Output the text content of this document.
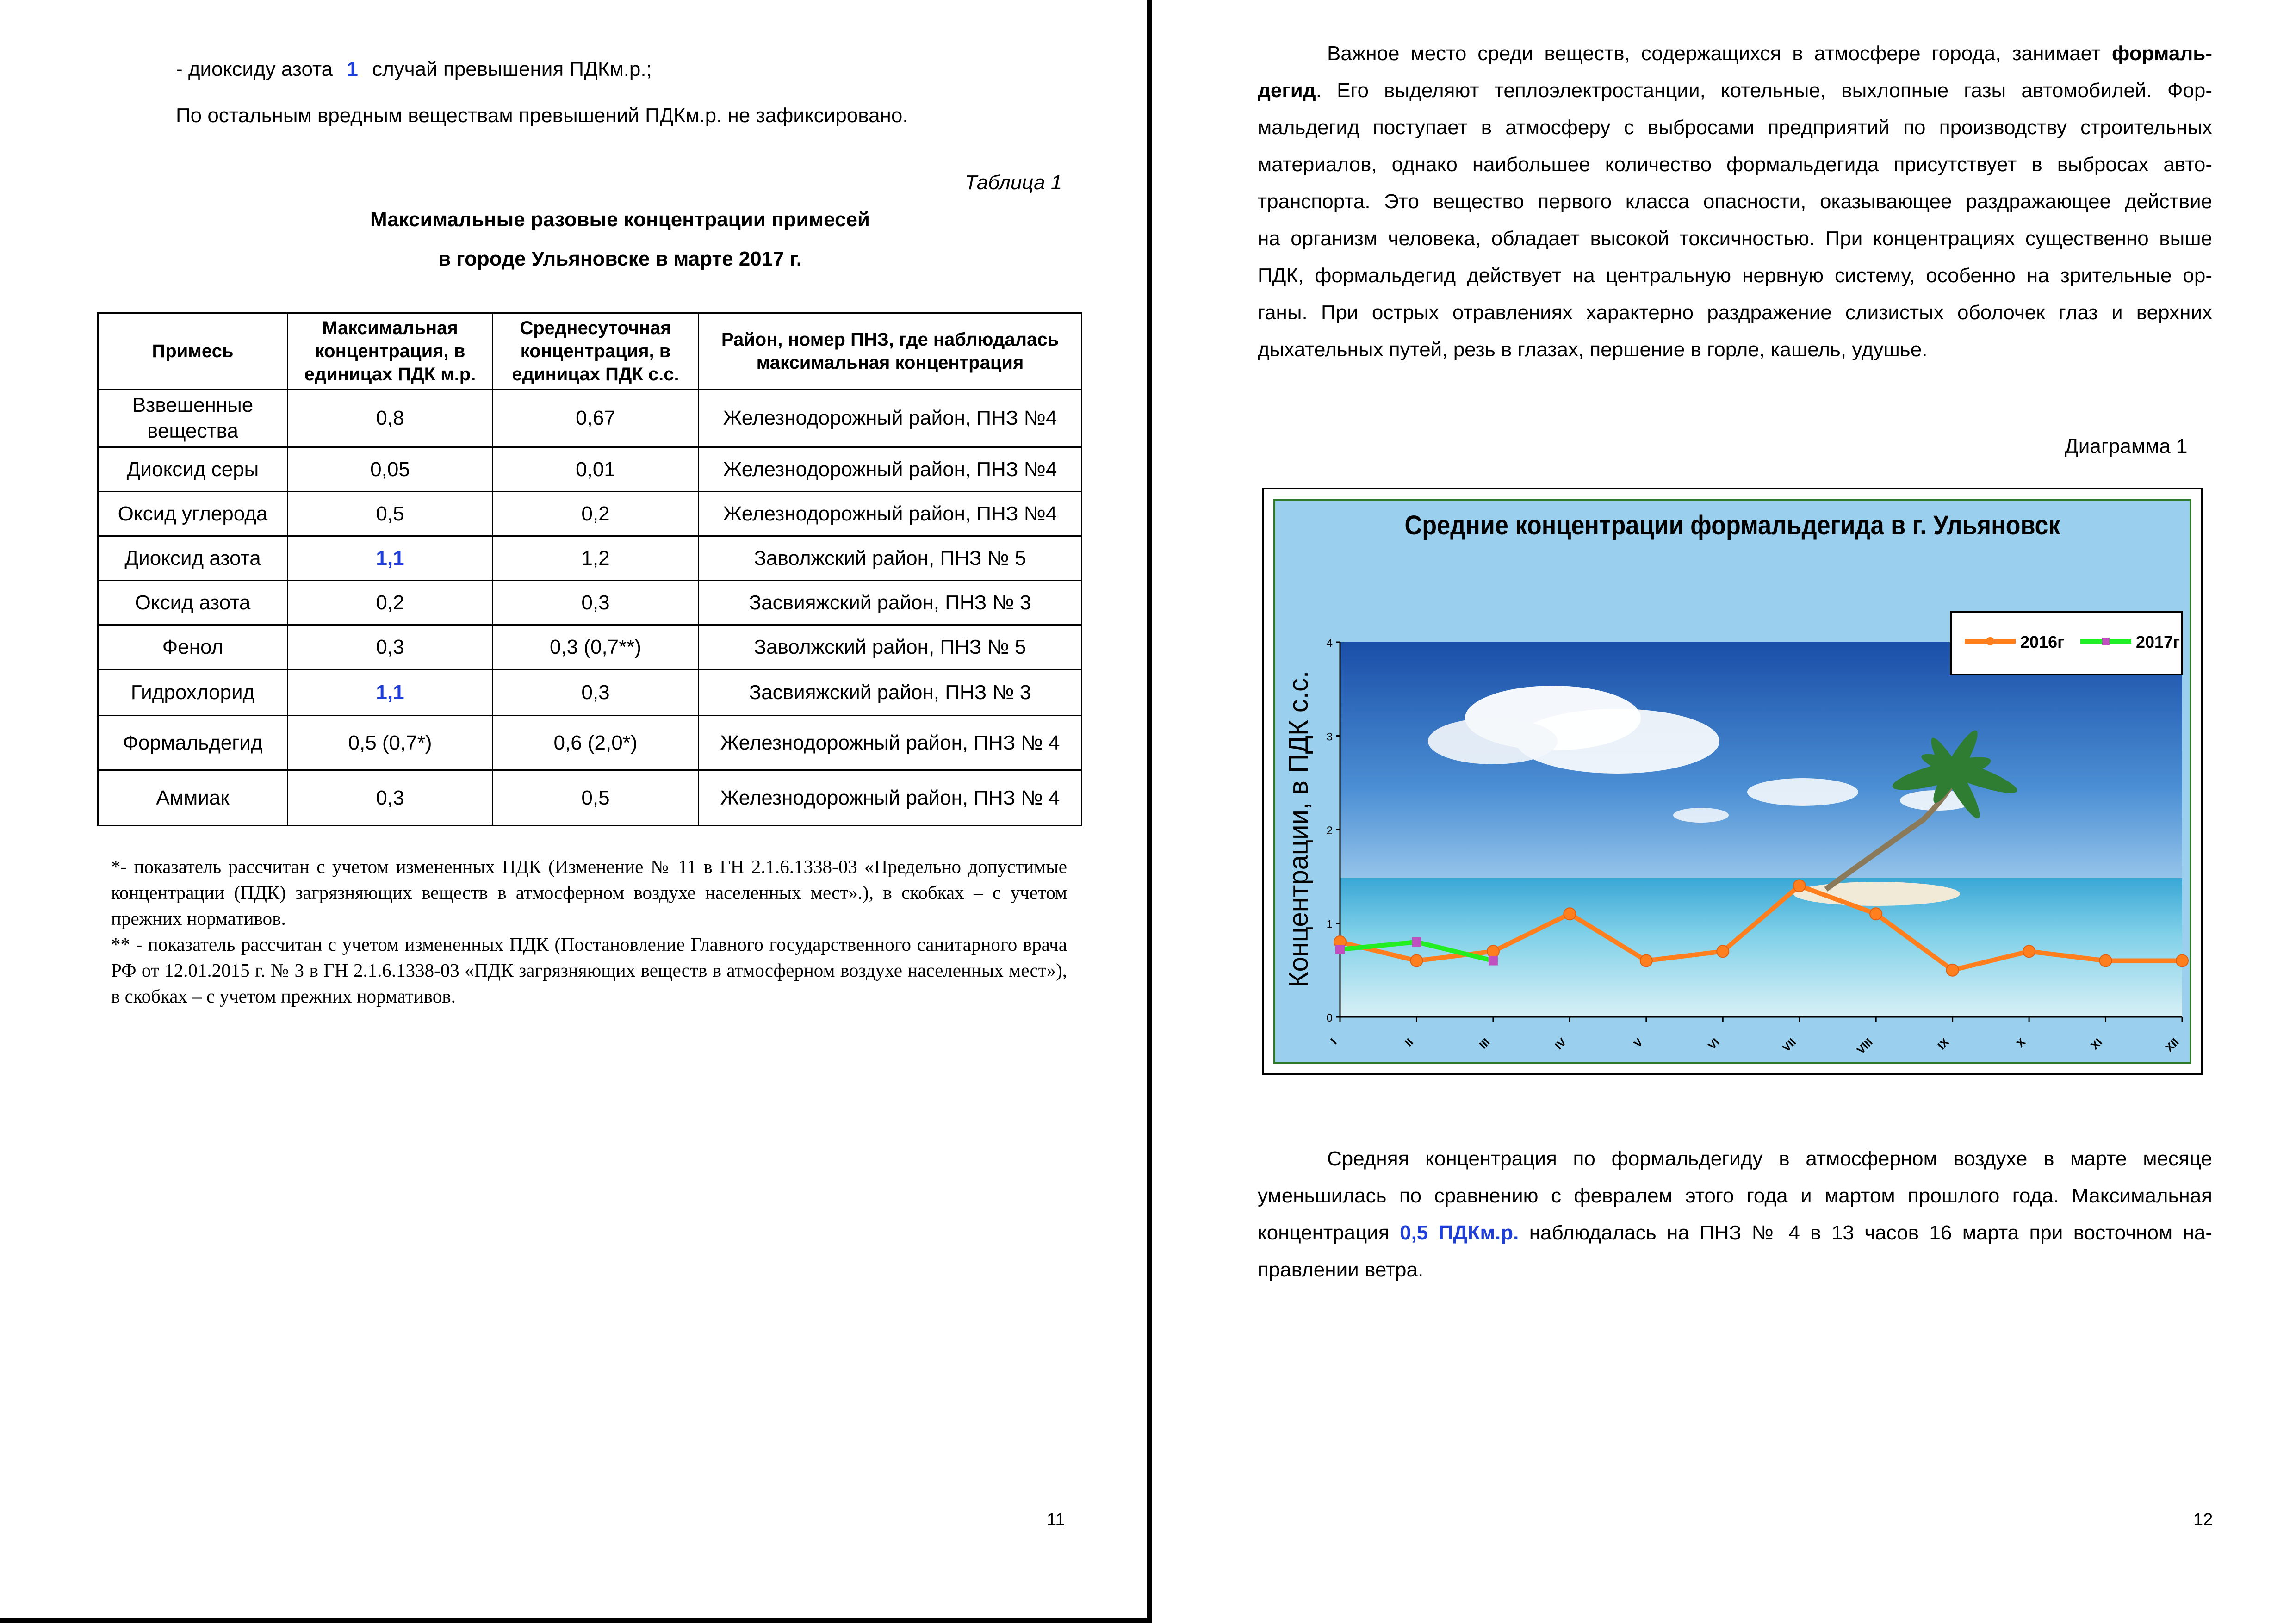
- диоксиду азота 1 случай превышения ПДКм.р.;
По остальным вредным веществам превышений ПДКм.р. не зафиксировано.
Таблица 1
Максимальные разовые концентрации примесей
в городе Ульяновске в марте 2017 г.
Примесь	Максимальная концентрация, в единицах ПДК м.р.	Среднесуточная концентрация, в единицах ПДК с.с.	Район, номер ПНЗ, где наблюдалась максимальная концентрация
Взвешенные вещества	0,8	0,67	Железнодорожный район, ПНЗ №4
Диоксид серы	0,05	0,01	Железнодорожный район, ПНЗ №4
Оксид углерода	0,5	0,2	Железнодорожный район, ПНЗ №4
Диоксид азота	1,1	1,2	Заволжский район, ПНЗ № 5
Оксид азота	0,2	0,3	Засвияжский район, ПНЗ № 3
Фенол	0,3	0,3 (0,7**)	Заволжский район, ПНЗ № 5
Гидрохлорид	1,1	0,3	Засвияжский район, ПНЗ № 3
Формальдегид	0,5 (0,7*)	0,6 (2,0*)	Железнодорожный район, ПНЗ № 4
Аммиак	0,3	0,5	Железнодорожный район, ПНЗ № 4

*- показатель рассчитан с учетом измененных ПДК (Изменение № 11 в ГН 2.1.6.1338-03 «Предельно допустимые концентрации (ПДК) загрязняющих веществ в атмосферном воздухе населенных мест».), в скобках – с учетом прежних нормативов.

** - показатель рассчитан с учетом измененных ПДК (Постановление Главного государственного санитарного врача РФ от 12.01.2015 г. № 3 в ГН 2.1.6.1338-03 «ПДК загрязняющих веществ в атмосферном воздухе населенных мест»), в скобках – с учетом прежних нормативов.

11
Важное место среди веществ, содержащихся в атмосфере города, занимает формаль-
дегид. Его выделяют теплоэлектростанции, котельные, выхлопные газы автомобилей. Фор-
мальдегид поступает в атмосферу с выбросами предприятий по производству строительных
материалов, однако наибольшее количество формальдегида присутствует в выбросах авто-
транспорта. Это вещество первого класса опасности, оказывающее раздражающее действие
на организм человека, обладает высокой токсичностью. При концентрациях существенно выше
ПДК, формальдегид действует на центральную нервную систему, особенно на зрительные ор-
ганы. При острых отравлениях характерно раздражение слизистых оболочек глаз и верхних
дыхательных путей, резь в глазах, першение в горле, кашель, удушье.
Диаграмма 1
Средняя концентрация по формальдегиду в атмосферном воздухе в марте месяце
уменьшилась по сравнению с февралем этого года и мартом прошлого года. Максимальная
концентрация 0,5 ПДКм.р. наблюдалась на ПНЗ № 4 в 13 часов 16 марта при восточном на-
правлении ветра.
12
Средние концентрации формальдегида в г. Ульяновск
0
1
2
3
4
I	II	III	IV	V	VI	VII	VIII	IX	X	XI	XII
2016г	2017г
Концентрации, в ПДК с.с.
